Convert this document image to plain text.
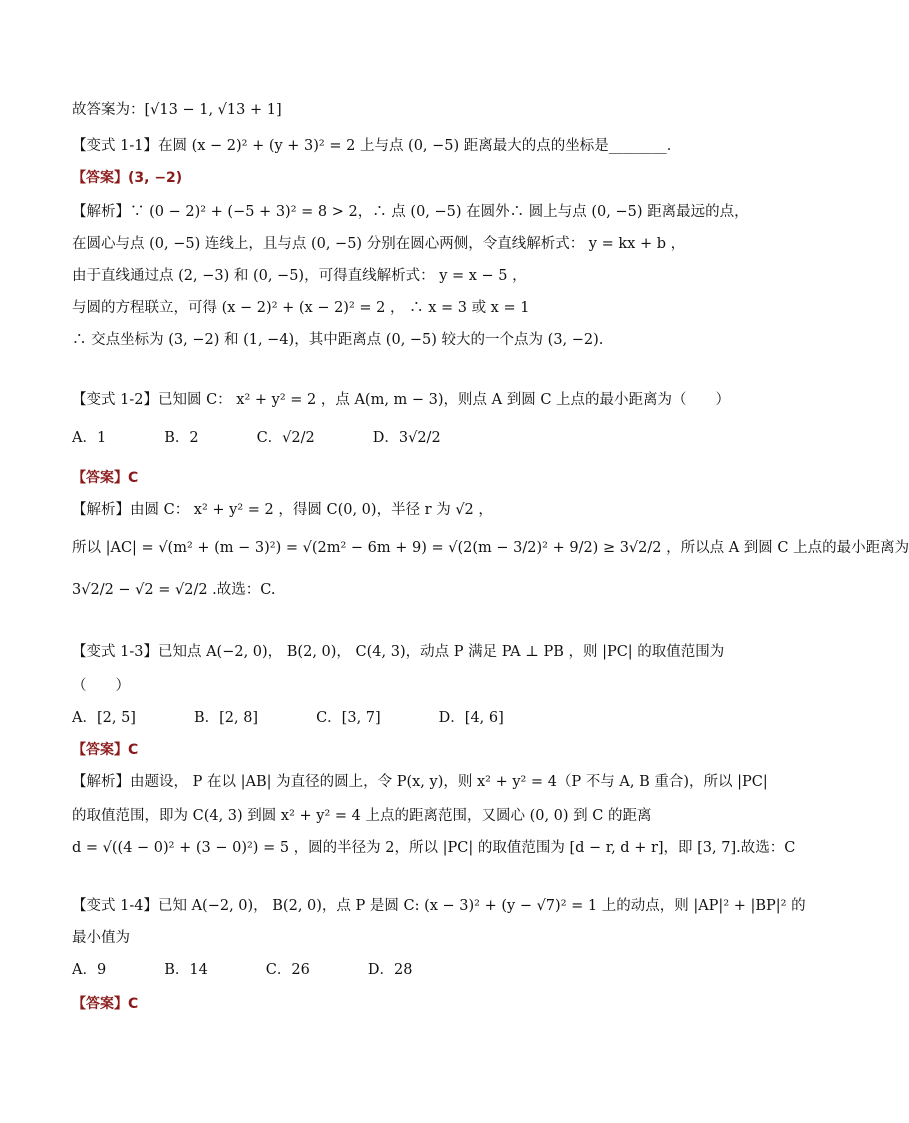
故答案为：[√13 − 1, √13 + 1]
【变式 1-1】在圆 (x − 2)² + (y + 3)² = 2 上与点 (0, −5) 距离最大的点的坐标是________．
【答案】(3, −2)
【解析】∵ (0 − 2)² + (−5 + 3)² = 8 > 2，∴ 点 (0, −5) 在圆外∴ 圆上与点 (0, −5) 距离最远的点，
在圆心与点 (0, −5) 连线上，且与点 (0, −5) 分别在圆心两侧，令直线解析式： y = kx + b ，
由于直线通过点 (2, −3) 和 (0, −5)，可得直线解析式： y = x − 5 ，
与圆的方程联立，可得 (x − 2)² + (x − 2)² = 2 ， ∴ x = 3 或 x = 1
∴ 交点坐标为 (3, −2) 和 (1, −4)，其中距离点 (0, −5) 较大的一个点为 (3, −2).
【变式 1-2】已知圆 C： x² + y² = 2 ，点 A(m, m − 3)，则点 A 到圆 C 上点的最小距离为（　　）
A．1　　　　B．2　　　　C．√2/2　　　　D．3√2/2
【答案】C
【解析】由圆 C： x² + y² = 2 ，得圆 C(0, 0)，半径 r 为 √2 ，
所以 |AC| = √(m² + (m − 3)²) = √(2m² − 6m + 9) = √(2(m − 3/2)² + 9/2) ≥ 3√2/2 ，所以点 A 到圆 C 上点的最小距离为
3√2/2 − √2 = √2/2 .故选：C.
【变式 1-3】已知点 A(−2, 0)， B(2, 0)， C(4, 3)，动点 P 满足 PA ⊥ PB ，则 |PC| 的取值范围为
（　　）
A．[2, 5]　　　　B．[2, 8]　　　　C．[3, 7]　　　　D．[4, 6]
【答案】C
【解析】由题设， P 在以 |AB| 为直径的圆上，令 P(x, y)，则 x² + y² = 4（P 不与 A, B 重合)，所以 |PC|
的取值范围，即为 C(4, 3) 到圆 x² + y² = 4 上点的距离范围，又圆心 (0, 0) 到 C 的距离
d = √((4 − 0)² + (3 − 0)²) = 5 ，圆的半径为 2，所以 |PC| 的取值范围为 [d − r, d + r]，即 [3, 7].故选：C
【变式 1-4】已知 A(−2, 0)， B(2, 0)，点 P 是圆 C: (x − 3)² + (y − √7)² = 1 上的动点，则 |AP|² + |BP|² 的
最小值为
A．9　　　　B．14　　　　C．26　　　　D．28
【答案】C
